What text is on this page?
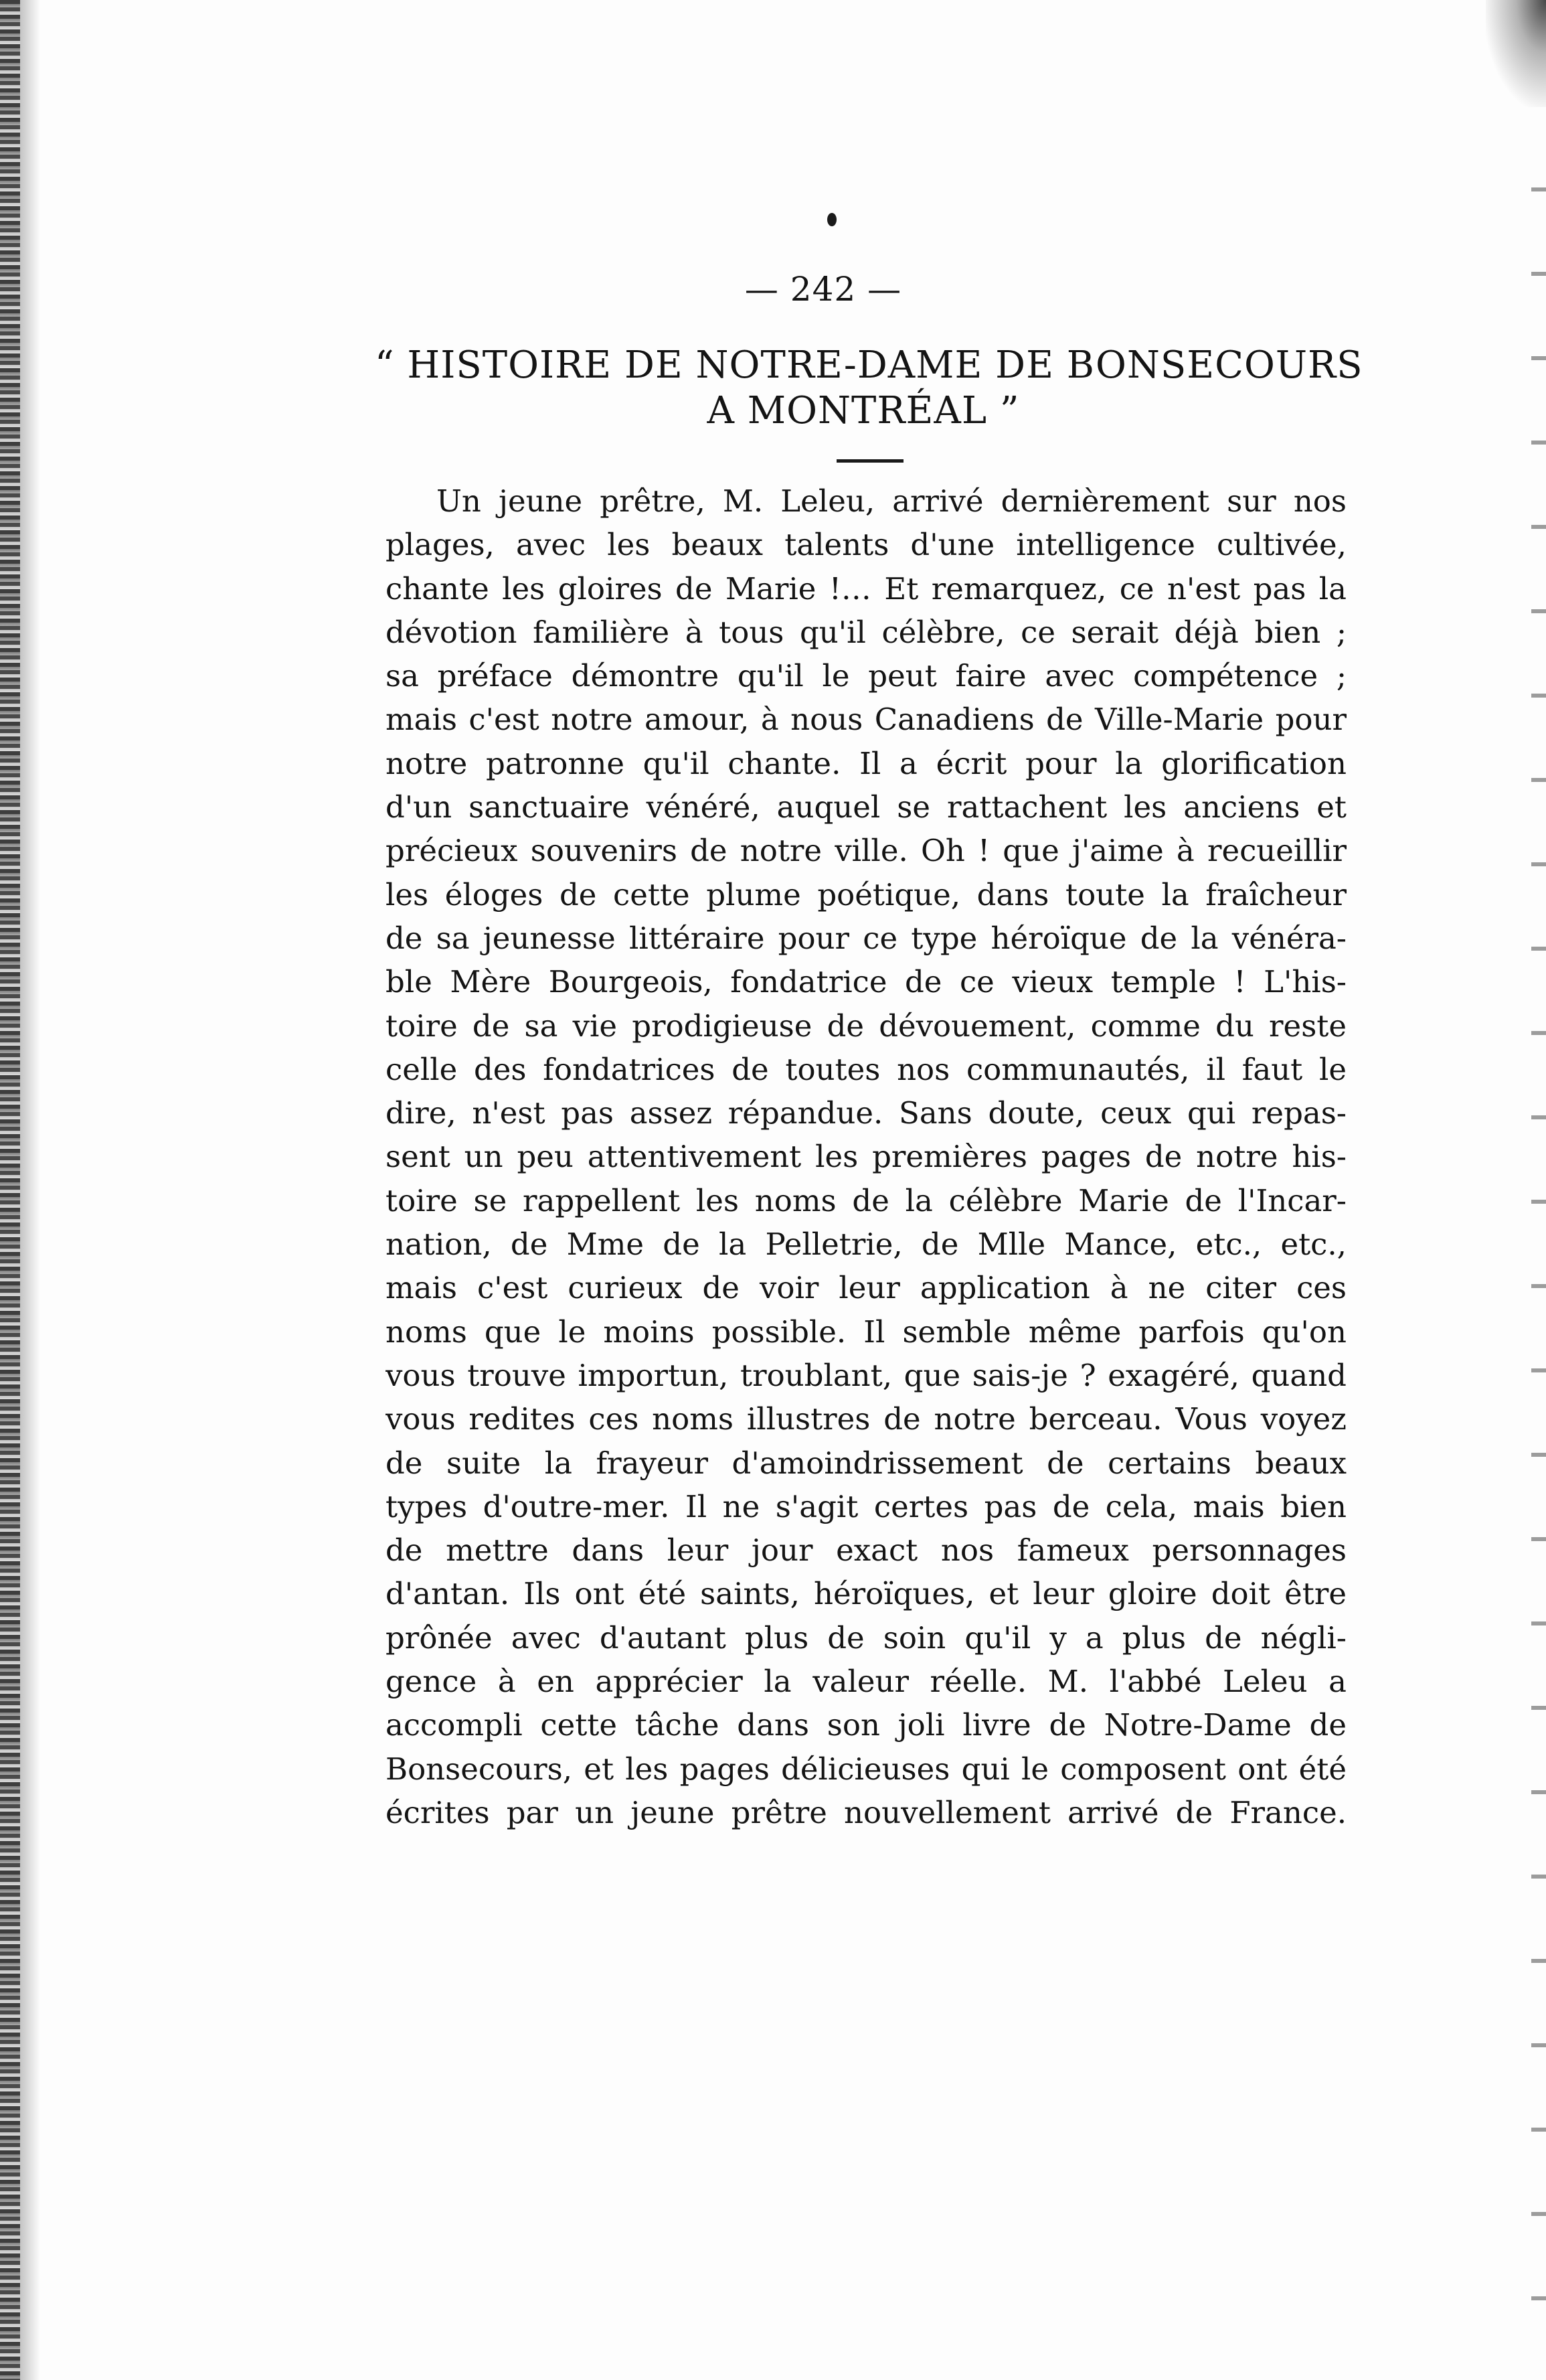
— 242 —
“ HISTOIRE DE NOTRE-DAME DE BONSECOURS
A MONTRÉAL ”
Un jeune prêtre, M. Leleu, arrivé dernièrement sur nos
plages, avec les beaux talents d'une intelligence cultivée,
chante les gloires de Marie !… Et remarquez, ce n'est pas la
dévotion familière à tous qu'il célèbre, ce serait déjà bien ;
sa préface démontre qu'il le peut faire avec compétence ;
mais c'est notre amour, à nous Canadiens de Ville-Marie pour
notre patronne qu'il chante. Il a écrit pour la glorification
d'un sanctuaire vénéré, auquel se rattachent les anciens et
précieux souvenirs de notre ville. Oh ! que j'aime à recueillir
les éloges de cette plume poétique, dans toute la fraîcheur
de sa jeunesse littéraire pour ce type héroïque de la vénéra-
ble Mère Bourgeois, fondatrice de ce vieux temple ! L'his-
toire de sa vie prodigieuse de dévouement, comme du reste
celle des fondatrices de toutes nos communautés, il faut le
dire, n'est pas assez répandue. Sans doute, ceux qui repas-
sent un peu attentivement les premières pages de notre his-
toire se rappellent les noms de la célèbre Marie de l'Incar-
nation, de Mme de la Pelletrie, de Mlle Mance, etc., etc.,
mais c'est curieux de voir leur application à ne citer ces
noms que le moins possible. Il semble même parfois qu'on
vous trouve importun, troublant, que sais-je ? exagéré, quand
vous redites ces noms illustres de notre berceau. Vous voyez
de suite la frayeur d'amoindrissement de certains beaux
types d'outre-mer. Il ne s'agit certes pas de cela, mais bien
de mettre dans leur jour exact nos fameux personnages
d'antan. Ils ont été saints, héroïques, et leur gloire doit être
prônée avec d'autant plus de soin qu'il y a plus de négli-
gence à en apprécier la valeur réelle. M. l'abbé Leleu a
accompli cette tâche dans son joli livre de Notre-Dame de
Bonsecours, et les pages délicieuses qui le composent ont été
écrites par un jeune prêtre nouvellement arrivé de France.
